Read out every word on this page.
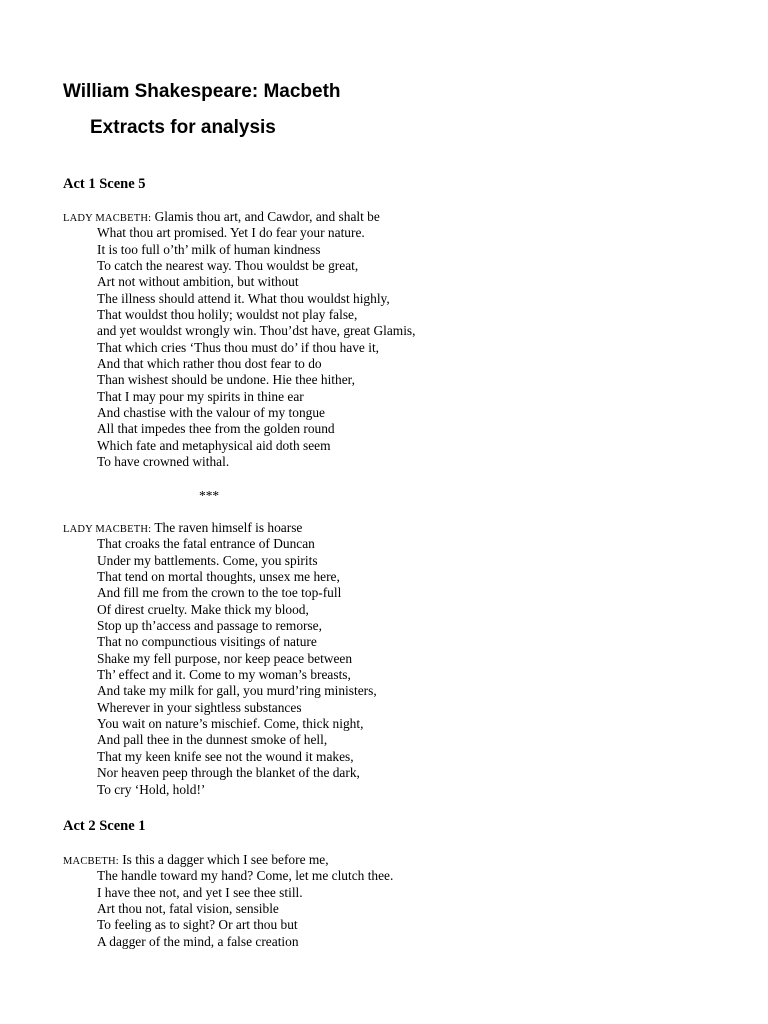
William Shakespeare: Macbeth
Extracts for analysis
Act 1 Scene 5
LADY MACBETH: Glamis thou art, and Cawdor, and shalt be
What thou art promised. Yet I do fear your nature.
It is too full o’th’ milk of human kindness
To catch the nearest way. Thou wouldst be great,
Art not without ambition, but without
The illness should attend it. What thou wouldst highly,
That wouldst thou holily; wouldst not play false,
and yet wouldst wrongly win. Thou’dst have, great Glamis,
That which cries ‘Thus thou must do’ if thou have it,
And that which rather thou dost fear to do
Than wishest should be undone. Hie thee hither,
That I may pour my spirits in thine ear
And chastise with the valour of my tongue
All that impedes thee from the golden round
Which fate and metaphysical aid doth seem
To have crowned withal.
***
LADY MACBETH: The raven himself is hoarse
That croaks the fatal entrance of Duncan
Under my battlements. Come, you spirits
That tend on mortal thoughts, unsex me here,
And fill me from the crown to the toe top-full
Of direst cruelty. Make thick my blood,
Stop up th’access and passage to remorse,
That no compunctious visitings of nature
Shake my fell purpose, nor keep peace between
Th’ effect and it. Come to my woman’s breasts,
And take my milk for gall, you murd’ring ministers,
Wherever in your sightless substances
You wait on nature’s mischief. Come, thick night,
And pall thee in the dunnest smoke of hell,
That my keen knife see not the wound it makes,
Nor heaven peep through the blanket of the dark,
To cry ‘Hold, hold!’
Act 2 Scene 1
MACBETH: Is this a dagger which I see before me,
The handle toward my hand? Come, let me clutch thee.
I have thee not, and yet I see thee still.
Art thou not, fatal vision, sensible
To feeling as to sight? Or art thou but
A dagger of the mind, a false creation
